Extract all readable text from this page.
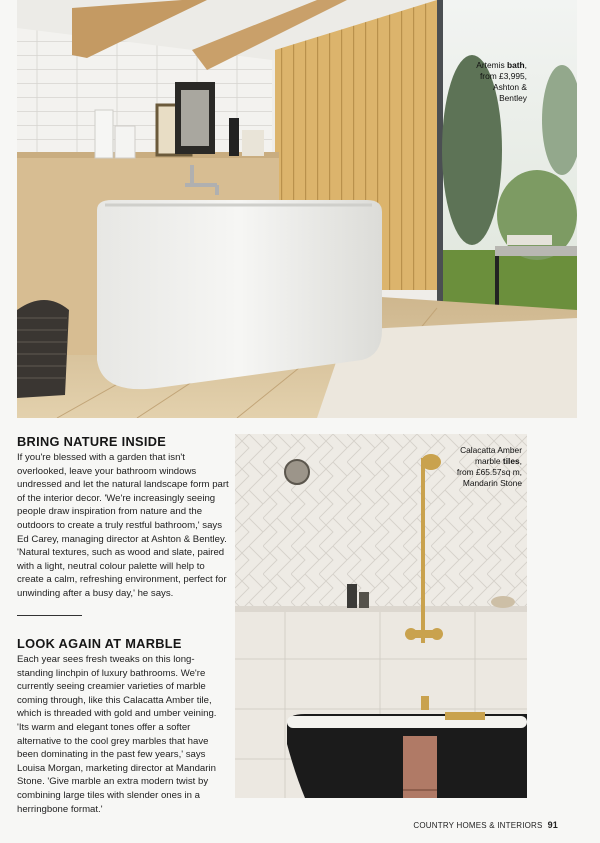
Artemis bath,
from £3,995,
Ashton &
Bentley
BRING NATURE INSIDE
If you're blessed with a garden that isn't overlooked, leave your bathroom windows undressed and let the natural landscape form part of the interior decor. 'We're increasingly seeing people draw inspiration from nature and the outdoors to create a truly restful bathroom,' says Ed Carey, managing director at Ashton & Bentley. 'Natural textures, such as wood and slate, paired with a light, neutral colour palette will help to create a calm, refreshing environment, perfect for unwinding after a busy day,' he says.
LOOK AGAIN AT MARBLE
Each year sees fresh tweaks on this long-standing linchpin of luxury bathrooms. We're currently seeing creamier varieties of marble coming through, like this Calacatta Amber tile, which is threaded with gold and umber veining. 'Its warm and elegant tones offer a softer alternative to the cool grey marbles that have been dominating in the past few years,' says Louisa Morgan, marketing director at Mandarin Stone. 'Give marble an extra modern twist by combining large tiles with slender ones in a herringbone format.'
Calacatta Amber
marble tiles,
from £65.57sq m,
Mandarin Stone
COUNTRY HOMES & INTERIORS 91
